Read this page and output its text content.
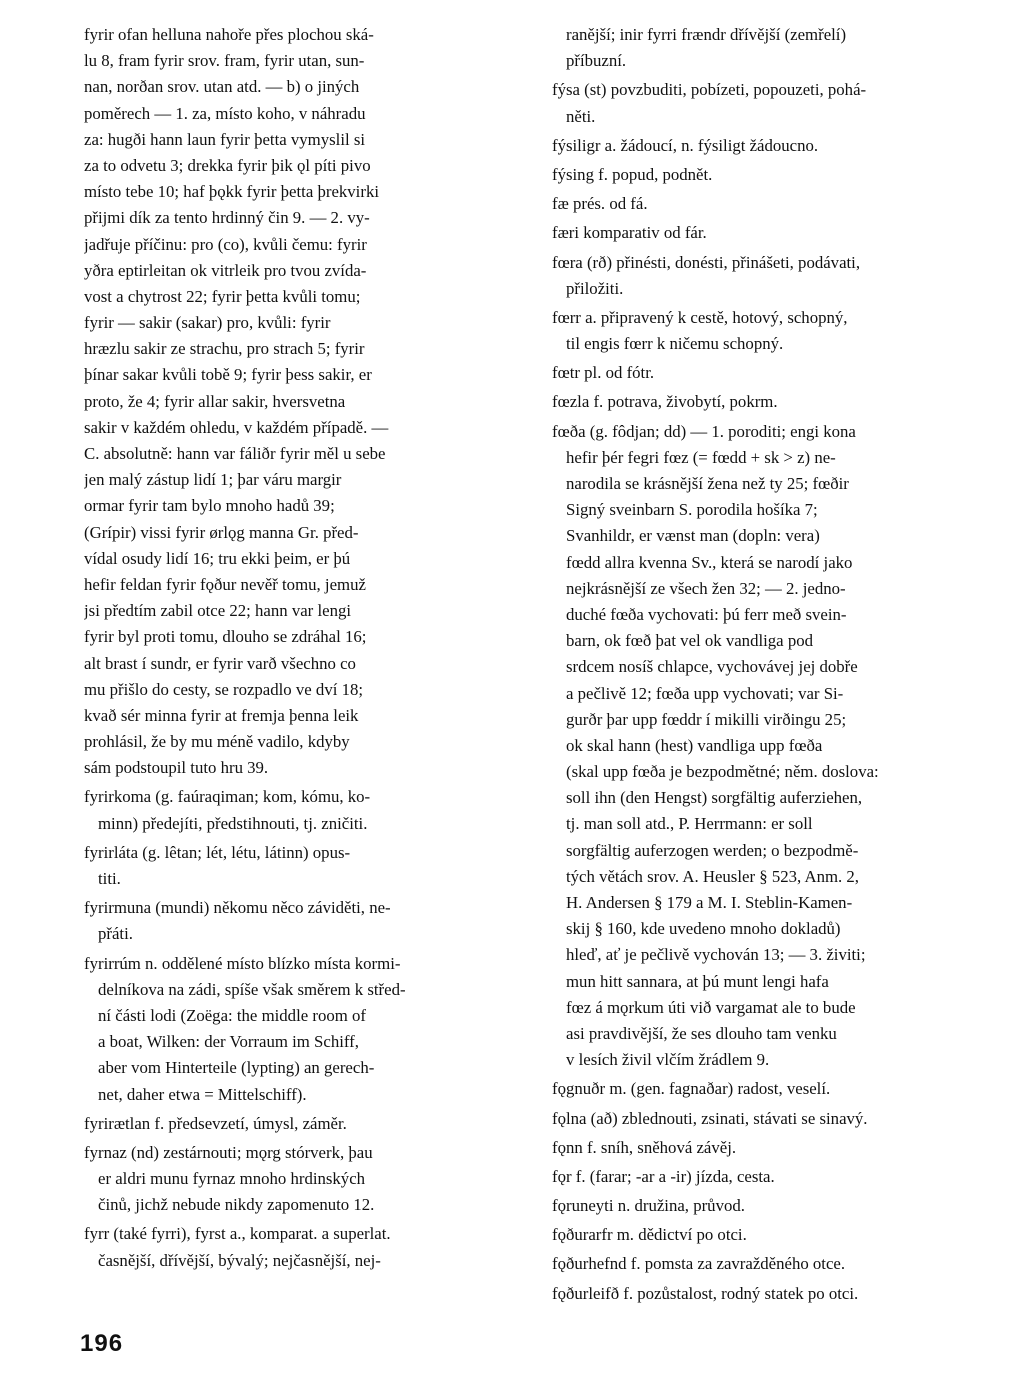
fyrir ofan helluna nahoře přes plochou ská-
lu 8, fram fyrir srov. fram, fyrir utan, sun-
nan, norðan srov. utan atd. — b) o jiných
poměrech — 1. za, místo koho, v náhradu
za: hugði hann laun fyrir þetta vymyslil si
za to odvetu 3; drekka fyrir þik ǫl píti pivo
místo tebe 10; haf þǫkk fyrir þetta þrekvirki
přijmi dík za tento hrdinný čin 9. — 2. vy-
jadřuje příčinu: pro (co), kvůli čemu: fyrir
yðra eptirleitan ok vitrleik pro tvou zvída-
vost a chytrost 22; fyrir þetta kvůli tomu;
fyrir — sakir (sakar) pro, kvůli: fyrir
hræzlu sakir ze strachu, pro strach 5; fyrir
þínar sakar kvůli tobě 9; fyrir þess sakir, er
proto, že 4; fyrir allar sakir, hversvetna
sakir v každém ohledu, v každém případě. —
C. absolutně: hann var fáliðr fyrir měl u sebe
jen malý zástup lidí 1; þar váru margir
ormar fyrir tam bylo mnoho hadů 39;
(Grípir) vissi fyrir ørlǫg manna Gr. před-
vídal osudy lidí 16; tru ekki þeim, er þú
hefir feldan fyrir fǫður nevěř tomu, jemuž
jsi předtím zabil otce 22; hann var lengi
fyrir byl proti tomu, dlouho se zdráhal 16;
alt brast í sundr, er fyrir varð všechno co
mu přišlo do cesty, se rozpadlo ve dví 18;
kvað sér minna fyrir at fremja þenna leik
prohlásil, že by mu méně vadilo, kdyby
sám podstoupil tuto hru 39.
fyrirkoma (g. faúraqiman; kom, kómu, ko-
minn) předejíti, předstihnouti, tj. zničiti.
fyrirláta (g. lêtan; lét, létu, látinn) opus-
titi.
fyrirmuna (mundi) někomu něco záviděti, ne-
přáti.
fyrirrúm n. oddělené místo blízko místa kormi-
delníkova na zádi, spíše však směrem k střed-
ní části lodi (Zoëga: the middle room of
a boat, Wilken: der Vorraum im Schiff,
aber vom Hinterteile (lypting) an gerech-
net, daher etwa = Mittelschiff).
fyrirætlan f. předsevzetí, úmysl, záměr.
fyrnaz (nd) zestárnouti; mǫrg stórverk, þau
er aldri munu fyrnaz mnoho hrdinských
činů, jichž nebude nikdy zapomenuto 12.
fyrr (také fyrri), fyrst a., komparat. a superlat.
časnější, dřívější, bývalý; nejčasnější, nej-
ranější; inir fyrri frændr dřívější (zemřelí)
příbuzní.
fýsa (st) povzbuditi, pobízeti, popouzeti, pohá-
něti.
fýsiligr a. žádoucí, n. fýsiligt žádoucno.
fýsing f. popud, podnět.
fæ prés. od fá.
færi komparativ od fár.
fœra (rð) přinésti, donésti, přinášeti, podávati,
přiložiti.
fœrr a. připravený k cestě, hotový, schopný,
til engis fœrr k ničemu schopný.
fœtr pl. od fótr.
fœzla f. potrava, živobytí, pokrm.
fœða (g. fôdjan; dd) — 1. poroditi; engi kona
hefir þér fegri fœz (= fœdd + sk > z) ne-
narodila se krásnější žena než ty 25; fœðir
Signý sveinbarn S. porodila hošíka 7;
Svanhildr, er vænst man (dopln: vera)
fœdd allra kvenna Sv., která se narodí jako
nejkrásnější ze všech žen 32; — 2. jedno-
duché fœða vychovati: þú ferr með svein-
barn, ok fœð þat vel ok vandliga pod
srdcem nosíš chlapce, vychovávej jej dobře
a pečlivě 12; fœða upp vychovati; var Si-
gurðr þar upp fœddr í mikilli virðingu 25;
ok skal hann (hest) vandliga upp fœða
(skal upp fœða je bezpodmětné; něm. doslova:
soll ihn (den Hengst) sorgfältig auferziehen,
tj. man soll atd., P. Herrmann: er soll
sorgfältig auferzogen werden; o bezpodmě-
tých větách srov. A. Heusler § 523, Anm. 2,
H. Andersen § 179 a M. I. Steblin-Kamen-
skij § 160, kde uvedeno mnoho dokladů)
hleď, ať je pečlivě vychován 13; — 3. živiti;
mun hitt sannara, at þú munt lengi hafa
fœz á mǫrkum úti við vargamat ale to bude
asi pravdivější, že ses dlouho tam venku
v lesích živil vlčím žrádlem 9.
fǫgnuðr m. (gen. fagnaðar) radost, veselí.
fǫlna (að) zblednouti, zsinati, stávati se sinavý.
fǫnn f. sníh, sněhová závěj.
fǫr f. (farar; -ar a -ir) jízda, cesta.
fǫruneyti n. družina, průvod.
fǫðurarfr m. dědictví po otci.
fǫðurhefnd f. pomsta za zavražděného otce.
fǫðurleifð f. pozůstalost, rodný statek po otci.
196
